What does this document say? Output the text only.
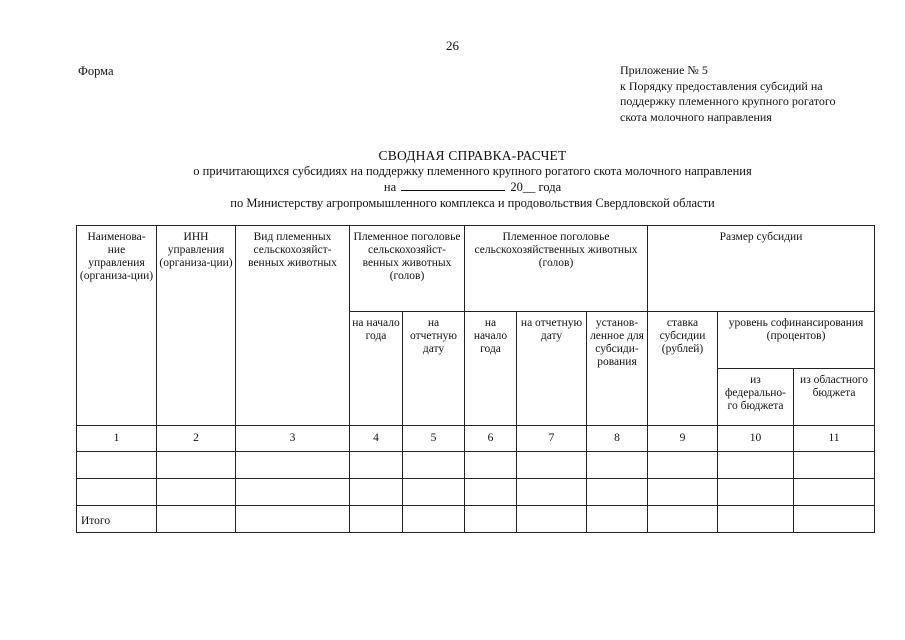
26
Форма	Приложение № 5
к Порядку предоставления субсидий на
поддержку племенного крупного рогатого
скота молочного направления
СВОДНАЯ СПРАВКА-РАСЧЕТ
о причитающихся субсидиях на поддержку племенного крупного рогатого скота молочного направления
на	20__ года
по Министерству агропромышленного комплекса и продовольствия Свердловской области
Наименова-ние управления (организа-ции)	ИНН управления (организа-ции)	Вид племенных сельскохозяйст-венных животных	Племенное поголовье сельскохозяйст-венных животных (голов)		Племенное поголовье сельскохозяйственных животных (голов)			Размер субсидии		
			на начало года	на отчетную дату	на начало года	на отчетную дату	установ-ленное для субсиди-рования	ставка субсидии (рублей)	уровень софинансирования (процентов)	
									из федерально-го бюджета	из областного бюджета
1	2	3	4	5	6	7	8	9	10	11

Итого										
